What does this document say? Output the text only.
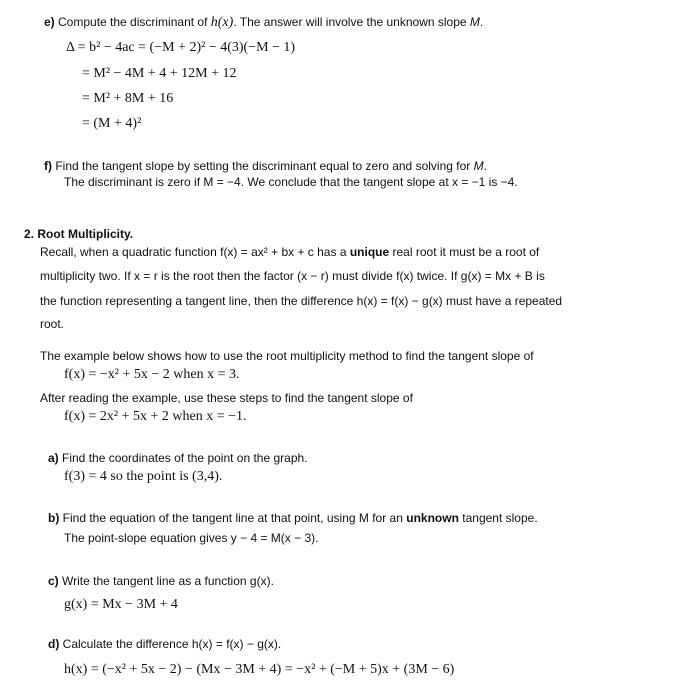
e) Compute the discriminant of h(x). The answer will involve the unknown slope M.
Δ = b² − 4ac = (−M + 2)² − 4(3)(−M − 1)
= M² − 4M + 4 + 12M + 12
= M² + 8M + 16
= (M + 4)²
f) Find the tangent slope by setting the discriminant equal to zero and solving for M.
The discriminant is zero if M = −4. We conclude that the tangent slope at x = −1 is −4.
2. Root Multiplicity.
Recall, when a quadratic function f(x) = ax² + bx + c has a unique real root it must be a root of
multiplicity two. If x = r is the root then the factor (x − r) must divide f(x) twice. If g(x) = Mx + B is
the function representing a tangent line, then the difference h(x) = f(x) − g(x) must have a repeated
root.
The example below shows how to use the root multiplicity method to find the tangent slope of
f(x) = −x² + 5x − 2 when x = 3.
After reading the example, use these steps to find the tangent slope of
f(x) = 2x² + 5x + 2 when x = −1.
a) Find the coordinates of the point on the graph.
f(3) = 4 so the point is (3,4).
b) Find the equation of the tangent line at that point, using M for an unknown tangent slope.
The point-slope equation gives y − 4 = M(x − 3).
c) Write the tangent line as a function g(x).
g(x) = Mx − 3M + 4
d) Calculate the difference h(x) = f(x) − g(x).
h(x) = (−x² + 5x − 2) − (Mx − 3M + 4) = −x² + (−M + 5)x + (3M − 6)
